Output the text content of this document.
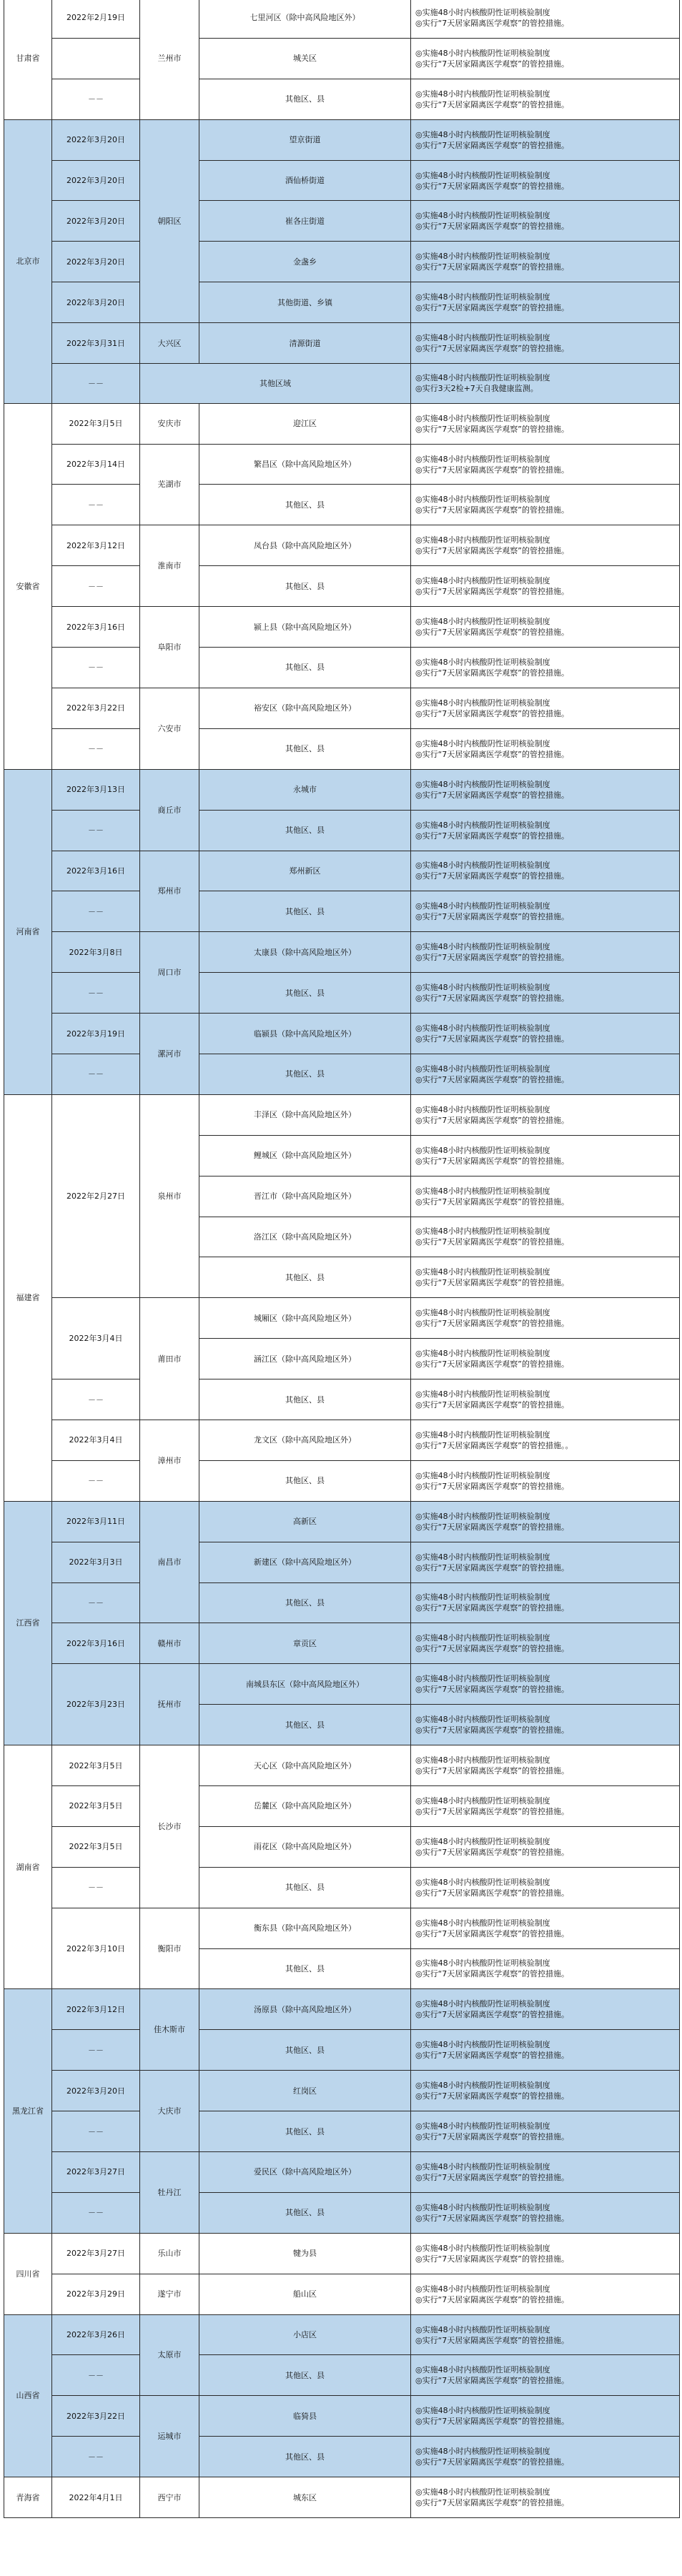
甘肃省	2022年2月19日	兰州市	七里河区（除中高风险地区外）	◎实施48小时内核酸阴性证明核验制度
◎实行“7天居家隔离医学观察”的管控措施。

			城关区	◎实施48小时内核酸阴性证明核验制度
◎实行“7天居家隔离医学观察”的管控措施。

	－－		其他区、县	◎实施48小时内核酸阴性证明核验制度
◎实行“7天居家隔离医学观察”的管控措施。

北京市	2022年3月20日	朝阳区	望京街道	◎实施48小时内核酸阴性证明核验制度
◎实行“7天居家隔离医学观察”的管控措施。

	2022年3月20日		酒仙桥街道	◎实施48小时内核酸阴性证明核验制度
◎实行“7天居家隔离医学观察”的管控措施。

	2022年3月20日		崔各庄街道	◎实施48小时内核酸阴性证明核验制度
◎实行“7天居家隔离医学观察”的管控措施。

	2022年3月20日		金盏乡	◎实施48小时内核酸阴性证明核验制度
◎实行“7天居家隔离医学观察”的管控措施。

	2022年3月20日		其他街道、乡镇	◎实施48小时内核酸阴性证明核验制度
◎实行“7天居家隔离医学观察”的管控措施。

	2022年3月31日	大兴区	清源街道	◎实施48小时内核酸阴性证明核验制度
◎实行“7天居家隔离医学观察”的管控措施。

	－－	其他区域		◎实施48小时内核酸阴性证明核验制度
◎实行3天2检+7天自我健康监测。

安徽省	2022年3月5日	安庆市	迎江区	◎实施48小时内核酸阴性证明核验制度
◎实行“7天居家隔离医学观察”的管控措施。

	2022年3月14日	芜湖市	繁昌区（除中高风险地区外）	◎实施48小时内核酸阴性证明核验制度
◎实行“7天居家隔离医学观察”的管控措施。

	－－		其他区、县	◎实施48小时内核酸阴性证明核验制度
◎实行“7天居家隔离医学观察”的管控措施。

	2022年3月12日	淮南市	凤台县（除中高风险地区外）	◎实施48小时内核酸阴性证明核验制度
◎实行“7天居家隔离医学观察”的管控措施。

	－－		其他区、县	◎实施48小时内核酸阴性证明核验制度
◎实行“7天居家隔离医学观察”的管控措施。

	2022年3月16日	阜阳市	颍上县（除中高风险地区外）	◎实施48小时内核酸阴性证明核验制度
◎实行“7天居家隔离医学观察”的管控措施。

	－－		其他区、县	◎实施48小时内核酸阴性证明核验制度
◎实行“7天居家隔离医学观察”的管控措施。

	2022年3月22日	六安市	裕安区（除中高风险地区外）	◎实施48小时内核酸阴性证明核验制度
◎实行“7天居家隔离医学观察”的管控措施。

	－－		其他区、县	◎实施48小时内核酸阴性证明核验制度
◎实行“7天居家隔离医学观察”的管控措施。

河南省	2022年3月13日	商丘市	永城市	◎实施48小时内核酸阴性证明核验制度
◎实行“7天居家隔离医学观察”的管控措施。

	－－		其他区、县	◎实施48小时内核酸阴性证明核验制度
◎实行“7天居家隔离医学观察”的管控措施。

	2022年3月16日	郑州市	郑州新区	◎实施48小时内核酸阴性证明核验制度
◎实行“7天居家隔离医学观察”的管控措施。

	－－		其他区、县	◎实施48小时内核酸阴性证明核验制度
◎实行“7天居家隔离医学观察”的管控措施。

	2022年3月8日	周口市	太康县（除中高风险地区外）	◎实施48小时内核酸阴性证明核验制度
◎实行“7天居家隔离医学观察”的管控措施。

	－－		其他区、县	◎实施48小时内核酸阴性证明核验制度
◎实行“7天居家隔离医学观察”的管控措施。

	2022年3月19日	漯河市	临颍县（除中高风险地区外）	◎实施48小时内核酸阴性证明核验制度
◎实行“7天居家隔离医学观察”的管控措施。

	－－		其他区、县	◎实施48小时内核酸阴性证明核验制度
◎实行“7天居家隔离医学观察”的管控措施。

福建省	2022年2月27日	泉州市	丰泽区（除中高风险地区外）	◎实施48小时内核酸阴性证明核验制度
◎实行“7天居家隔离医学观察”的管控措施。

			鲤城区（除中高风险地区外）	◎实施48小时内核酸阴性证明核验制度
◎实行“7天居家隔离医学观察”的管控措施。

			晋江市（除中高风险地区外）	◎实施48小时内核酸阴性证明核验制度
◎实行“7天居家隔离医学观察”的管控措施。

			洛江区（除中高风险地区外）	◎实施48小时内核酸阴性证明核验制度
◎实行“7天居家隔离医学观察”的管控措施。

			其他区、县	◎实施48小时内核酸阴性证明核验制度
◎实行“7天居家隔离医学观察”的管控措施。

	2022年3月4日	莆田市	城厢区（除中高风险地区外）	◎实施48小时内核酸阴性证明核验制度
◎实行“7天居家隔离医学观察”的管控措施。

			涵江区（除中高风险地区外）	◎实施48小时内核酸阴性证明核验制度
◎实行“7天居家隔离医学观察”的管控措施。

	－－		其他区、县	◎实施48小时内核酸阴性证明核验制度
◎实行“7天居家隔离医学观察”的管控措施。

	2022年3月4日	漳州市	龙文区（除中高风险地区外）	◎实施48小时内核酸阴性证明核验制度
◎实行“7天居家隔离医学观察”的管控措施。。

	－－		其他区、县	◎实施48小时内核酸阴性证明核验制度
◎实行“7天居家隔离医学观察”的管控措施。

江西省	2022年3月11日	南昌市	高新区	◎实施48小时内核酸阴性证明核验制度
◎实行“7天居家隔离医学观察”的管控措施。

	2022年3月3日		新建区（除中高风险地区外）	◎实施48小时内核酸阴性证明核验制度
◎实行“7天居家隔离医学观察”的管控措施。

	－－		其他区、县	◎实施48小时内核酸阴性证明核验制度
◎实行“7天居家隔离医学观察”的管控措施。

	2022年3月16日	赣州市	章贡区	◎实施48小时内核酸阴性证明核验制度
◎实行“7天居家隔离医学观察”的管控措施。

	2022年3月23日	抚州市	南城县东区（除中高风险地区外）	◎实施48小时内核酸阴性证明核验制度
◎实行“7天居家隔离医学观察”的管控措施。

			其他区、县	◎实施48小时内核酸阴性证明核验制度
◎实行“7天居家隔离医学观察”的管控措施。

湖南省	2022年3月5日	长沙市	天心区（除中高风险地区外）	◎实施48小时内核酸阴性证明核验制度
◎实行“7天居家隔离医学观察”的管控措施。

	2022年3月5日		岳麓区（除中高风险地区外）	◎实施48小时内核酸阴性证明核验制度
◎实行“7天居家隔离医学观察”的管控措施。

	2022年3月5日		雨花区（除中高风险地区外）	◎实施48小时内核酸阴性证明核验制度
◎实行“7天居家隔离医学观察”的管控措施。

	－－		其他区、县	◎实施48小时内核酸阴性证明核验制度
◎实行“7天居家隔离医学观察”的管控措施。

	2022年3月10日	衡阳市	衡东县（除中高风险地区外）	◎实施48小时内核酸阴性证明核验制度
◎实行“7天居家隔离医学观察”的管控措施。

			其他区、县	◎实施48小时内核酸阴性证明核验制度
◎实行“7天居家隔离医学观察”的管控措施。

黑龙江省	2022年3月12日	佳木斯市	汤原县（除中高风险地区外）	◎实施48小时内核酸阴性证明核验制度
◎实行“7天居家隔离医学观察”的管控措施。

	－－		其他区、县	◎实施48小时内核酸阴性证明核验制度
◎实行“7天居家隔离医学观察”的管控措施。

	2022年3月20日	大庆市	红岗区	◎实施48小时内核酸阴性证明核验制度
◎实行“7天居家隔离医学观察”的管控措施。

	－－		其他区、县	◎实施48小时内核酸阴性证明核验制度
◎实行“7天居家隔离医学观察”的管控措施。

	2022年3月27日	牡丹江	爱民区（除中高风险地区外）	◎实施48小时内核酸阴性证明核验制度
◎实行“7天居家隔离医学观察”的管控措施。

	－－		其他区、县	◎实施48小时内核酸阴性证明核验制度
◎实行“7天居家隔离医学观察”的管控措施。

四川省	2022年3月27日	乐山市	犍为县	◎实施48小时内核酸阴性证明核验制度
◎实行“7天居家隔离医学观察”的管控措施。

	2022年3月29日	遂宁市	船山区	◎实施48小时内核酸阴性证明核验制度
◎实行“7天居家隔离医学观察”的管控措施。

山西省	2022年3月26日	太原市	小店区	◎实施48小时内核酸阴性证明核验制度
◎实行“7天居家隔离医学观察”的管控措施。

	－－		其他区、县	◎实施48小时内核酸阴性证明核验制度
◎实行“7天居家隔离医学观察”的管控措施。

	2022年3月22日	运城市	临猗县	◎实施48小时内核酸阴性证明核验制度
◎实行“7天居家隔离医学观察”的管控措施。

	－－		其他区、县	◎实施48小时内核酸阴性证明核验制度
◎实行“7天居家隔离医学观察”的管控措施。

青海省	2022年4月1日	西宁市	城东区	◎实施48小时内核酸阴性证明核验制度
◎实行“7天居家隔离医学观察”的管控措施。
